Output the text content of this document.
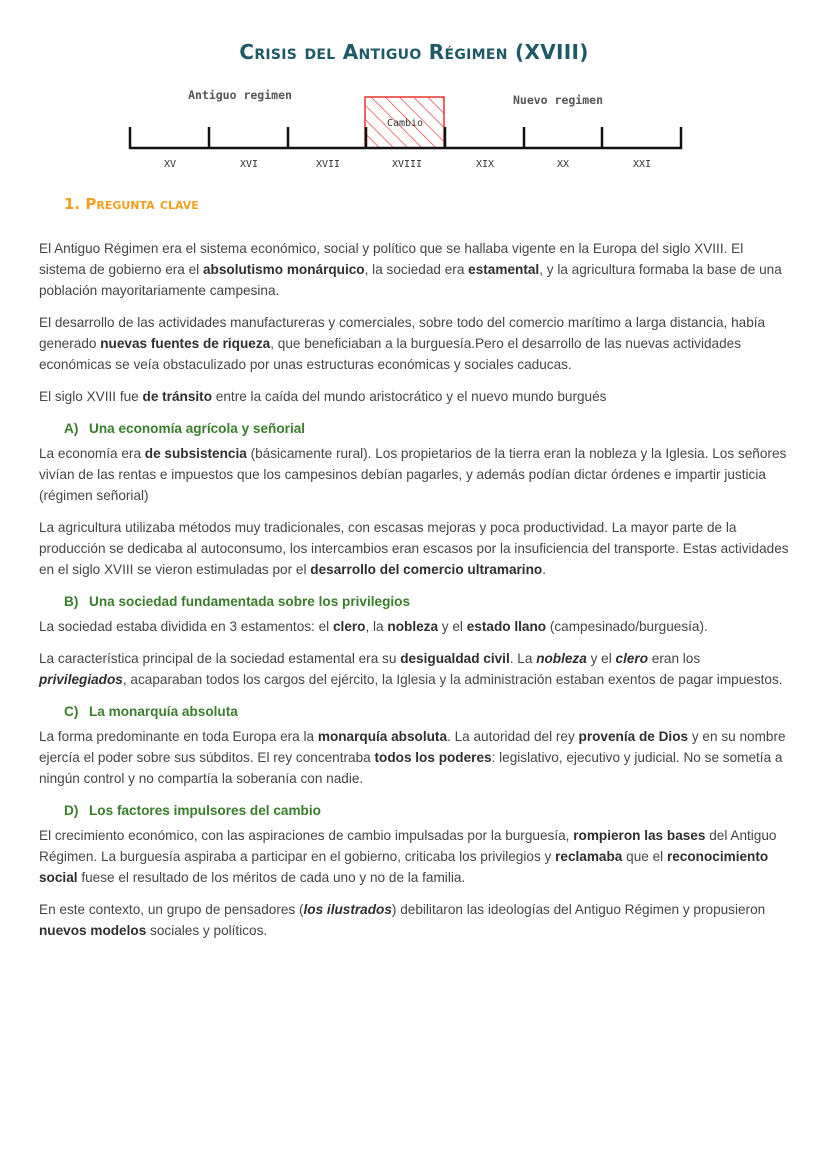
Crisis del Antiguo Régimen (XVIII)
Antiguo regimen	Nuevo regimen
Cambio
XV	XVI	XVII	XVIII	XIX	XX	XXI
1. Pregunta clave

El Antiguo Régimen era el sistema económico, social y político que se hallaba vigente en la Europa del siglo XVIII. El sistema de gobierno era el absolutismo monárquico, la sociedad era estamental, y la agricultura formaba la base de una población mayoritariamente campesina.

El desarrollo de las actividades manufactureras y comerciales, sobre todo del comercio marítimo a larga distancia, había generado nuevas fuentes de riqueza, que beneficiaban a la burguesía.Pero el desarrollo de las nuevas actividades económicas se veía obstaculizado por unas estructuras económicas y sociales caducas.

El siglo XVIII fue de tránsito entre la caída del mundo aristocrático y el nuevo mundo burgués

A) Una economía agrícola y señorial

La economía era de subsistencia (básicamente rural). Los propietarios de la tierra eran la nobleza y la Iglesia. Los señores vivían de las rentas e impuestos que los campesinos debían pagarles, y además podían dictar órdenes e impartir justicia (régimen señorial)

La agricultura utilizaba métodos muy tradicionales, con escasas mejoras y poca productividad. La mayor parte de la producción se dedicaba al autoconsumo, los intercambios eran escasos por la insuficiencia del transporte. Estas actividades en el siglo XVIII se vieron estimuladas por el desarrollo del comercio ultramarino.

B) Una sociedad fundamentada sobre los privilegios

La sociedad estaba dividida en 3 estamentos: el clero, la nobleza y el estado llano (campesinado/burguesía).

La característica principal de la sociedad estamental era su desigualdad civil. La nobleza y el clero eran los privilegiados, acaparaban todos los cargos del ejército, la Iglesia y la administración estaban exentos de pagar impuestos.

C) La monarquía absoluta

La forma predominante en toda Europa era la monarquía absoluta. La autoridad del rey provenía de Dios y en su nombre ejercía el poder sobre sus súbditos. El rey concentraba todos los poderes: legislativo, ejecutivo y judicial. No se sometía a ningún control y no compartía la soberanía con nadie.

D) Los factores impulsores del cambio

El crecimiento económico, con las aspiraciones de cambio impulsadas por la burguesía, rompieron las bases del Antiguo Régimen. La burguesía aspiraba a participar en el gobierno, criticaba los privilegios y reclamaba que el reconocimiento social fuese el resultado de los méritos de cada uno y no de la familia.

En este contexto, un grupo de pensadores (los ilustrados) debilitaron las ideologías del Antiguo Régimen y propusieron nuevos modelos sociales y políticos.
